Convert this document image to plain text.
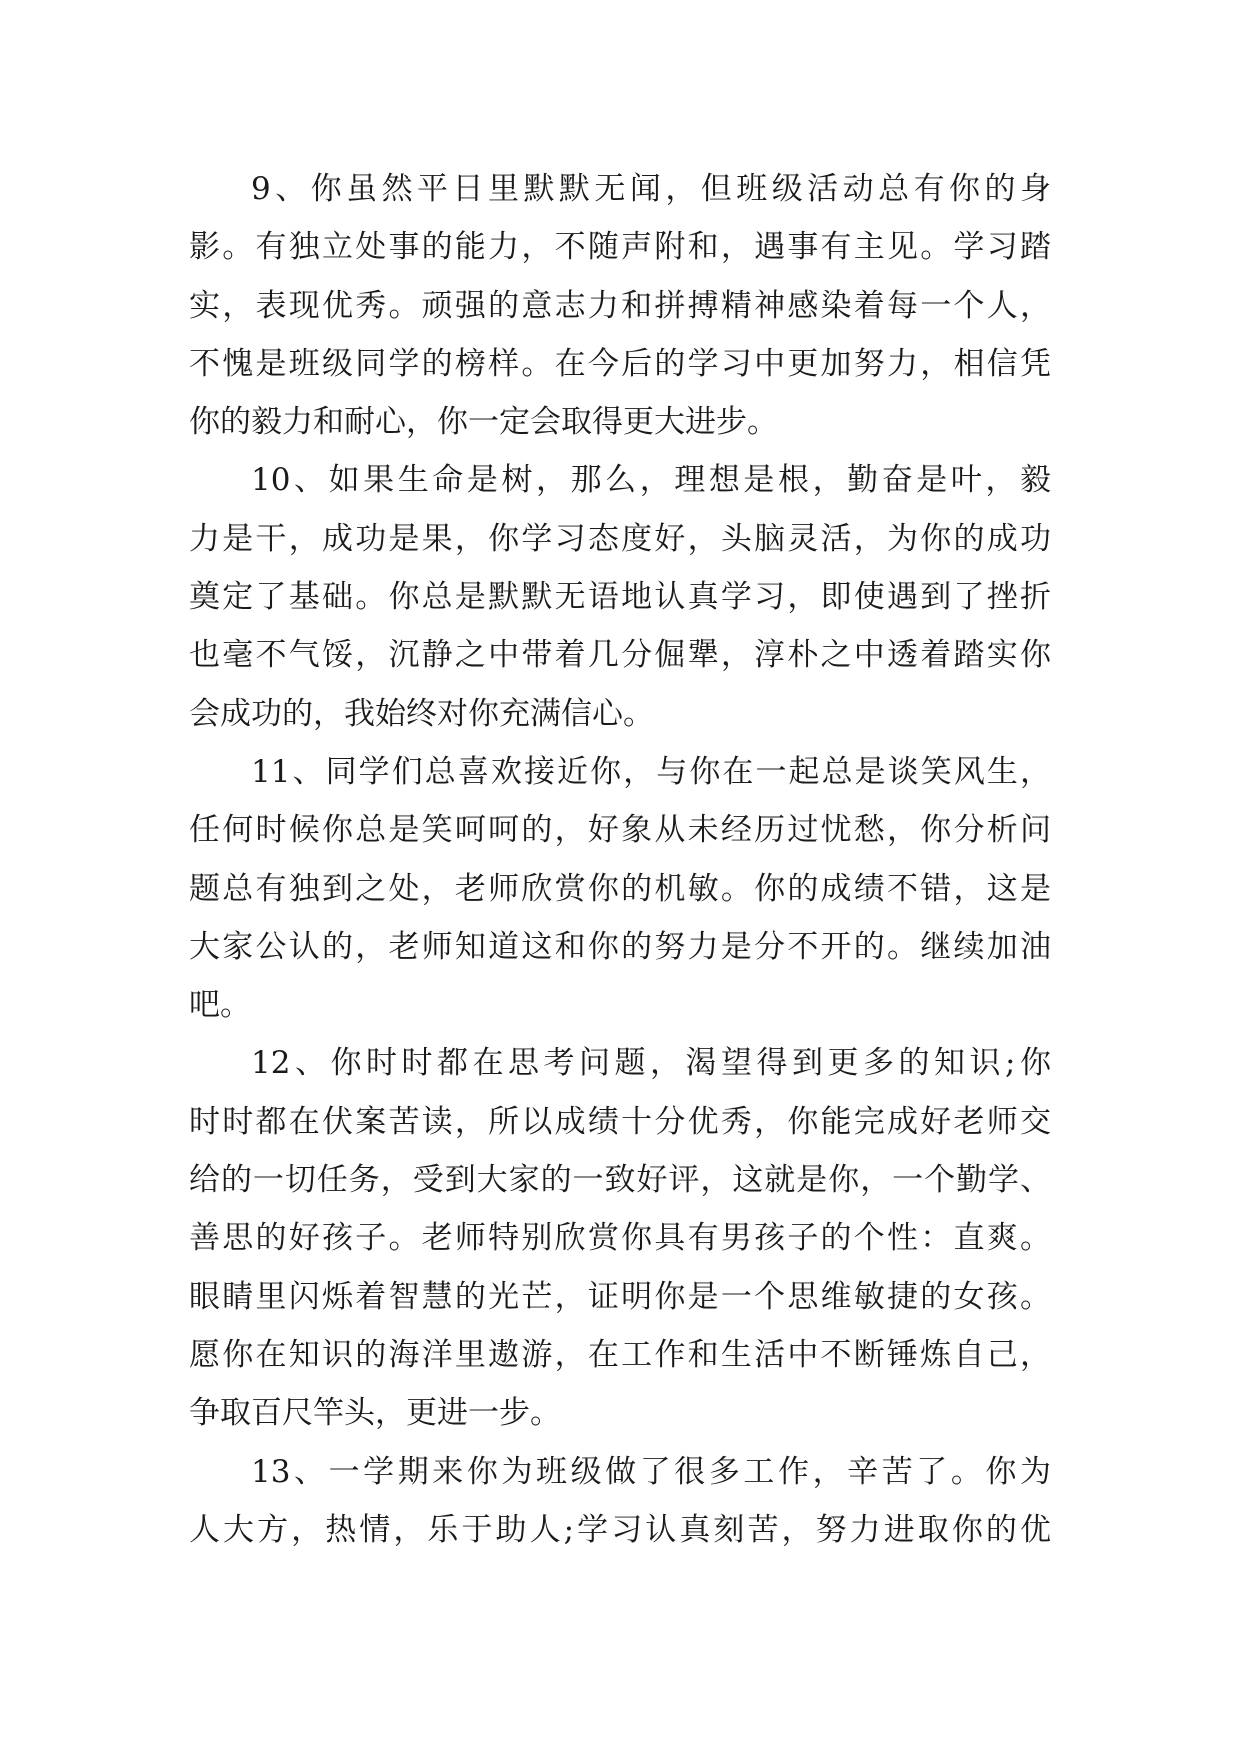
9、你虽然平日里默默无闻，但班级活动总有你的身
影。有独立处事的能力，不随声附和，遇事有主见。学习踏
实，表现优秀。顽强的意志力和拼搏精神感染着每一个人，
不愧是班级同学的榜样。在今后的学习中更加努力，相信凭
你的毅力和耐心，你一定会取得更大进步。
10、如果生命是树，那么，理想是根，勤奋是叶，毅
力是干，成功是果，你学习态度好，头脑灵活，为你的成功
奠定了基础。你总是默默无语地认真学习，即使遇到了挫折
也毫不气馁，沉静之中带着几分倔犟，淳朴之中透着踏实你
会成功的，我始终对你充满信心。
11、同学们总喜欢接近你，与你在一起总是谈笑风生，
任何时候你总是笑呵呵的，好象从未经历过忧愁，你分析问
题总有独到之处，老师欣赏你的机敏。你的成绩不错，这是
大家公认的，老师知道这和你的努力是分不开的。继续加油
吧。
12、你时时都在思考问题，渴望得到更多的知识;你
时时都在伏案苦读，所以成绩十分优秀，你能完成好老师交
给的一切任务，受到大家的一致好评，这就是你，一个勤学、
善思的好孩子。老师特别欣赏你具有男孩子的个性：直爽。
眼睛里闪烁着智慧的光芒，证明你是一个思维敏捷的女孩。
愿你在知识的海洋里遨游，在工作和生活中不断锤炼自己，
争取百尺竿头，更进一步。
13、一学期来你为班级做了很多工作，辛苦了。你为
人大方，热情，乐于助人;学习认真刻苦，努力进取你的优
